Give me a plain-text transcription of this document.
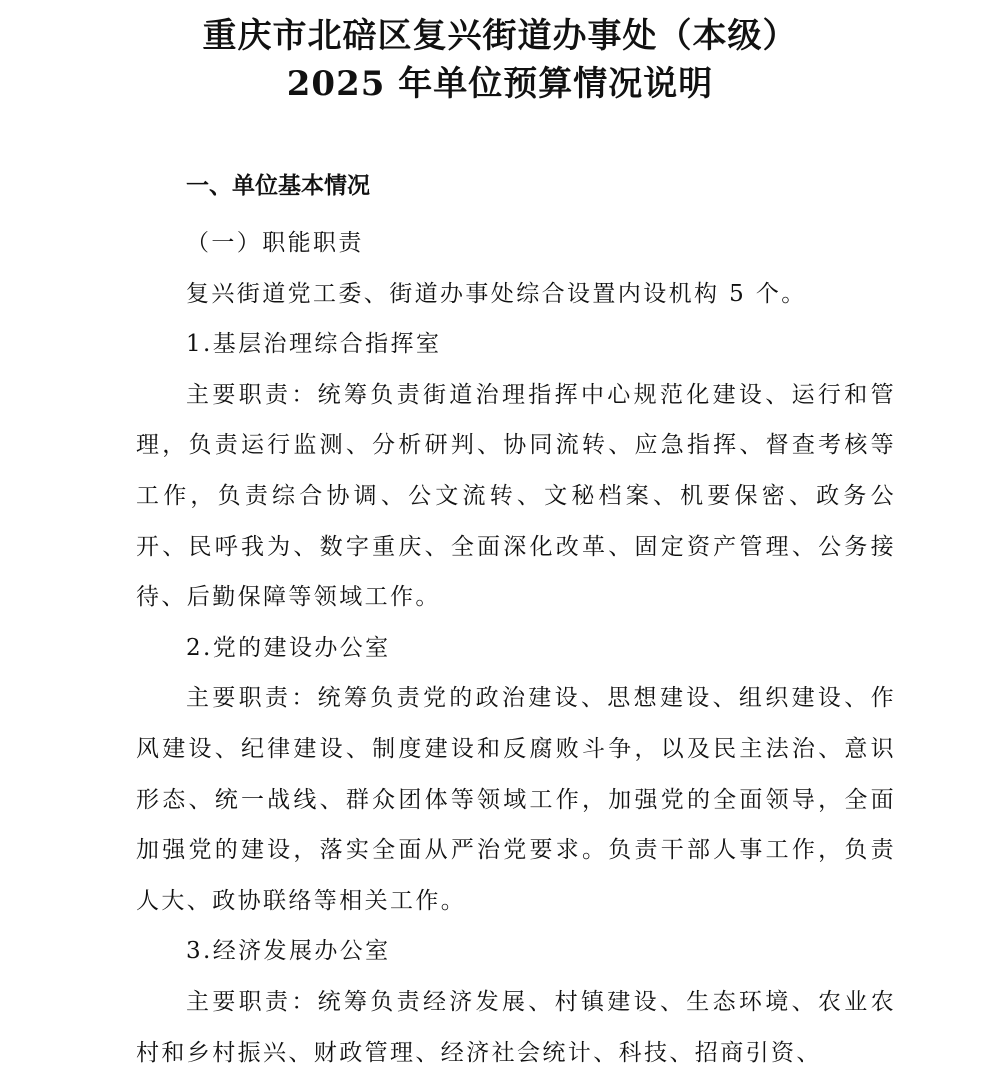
重庆市北碚区复兴街道办事处（本级）
2025 年单位预算情况说明
一、单位基本情况

（一）职能职责

复兴街道党工委、街道办事处综合设置内设机构 5 个。

1.基层治理综合指挥室

主要职责：统筹负责街道治理指挥中心规范化建设、运行和管理，负责运行监测、分析研判、协同流转、应急指挥、督查考核等工作，负责综合协调、公文流转、文秘档案、机要保密、政务公开、民呼我为、数字重庆、全面深化改革、固定资产管理、公务接待、后勤保障等领域工作。

2.党的建设办公室

主要职责：统筹负责党的政治建设、思想建设、组织建设、作风建设、纪律建设、制度建设和反腐败斗争，以及民主法治、意识形态、统一战线、群众团体等领域工作，加强党的全面领导，全面加强党的建设，落实全面从严治党要求。负责干部人事工作，负责人大、政协联络等相关工作。

3.经济发展办公室

主要职责：统筹负责经济发展、村镇建设、生态环境、农业农村和乡村振兴、财政管理、经济社会统计、科技、招商引资、
